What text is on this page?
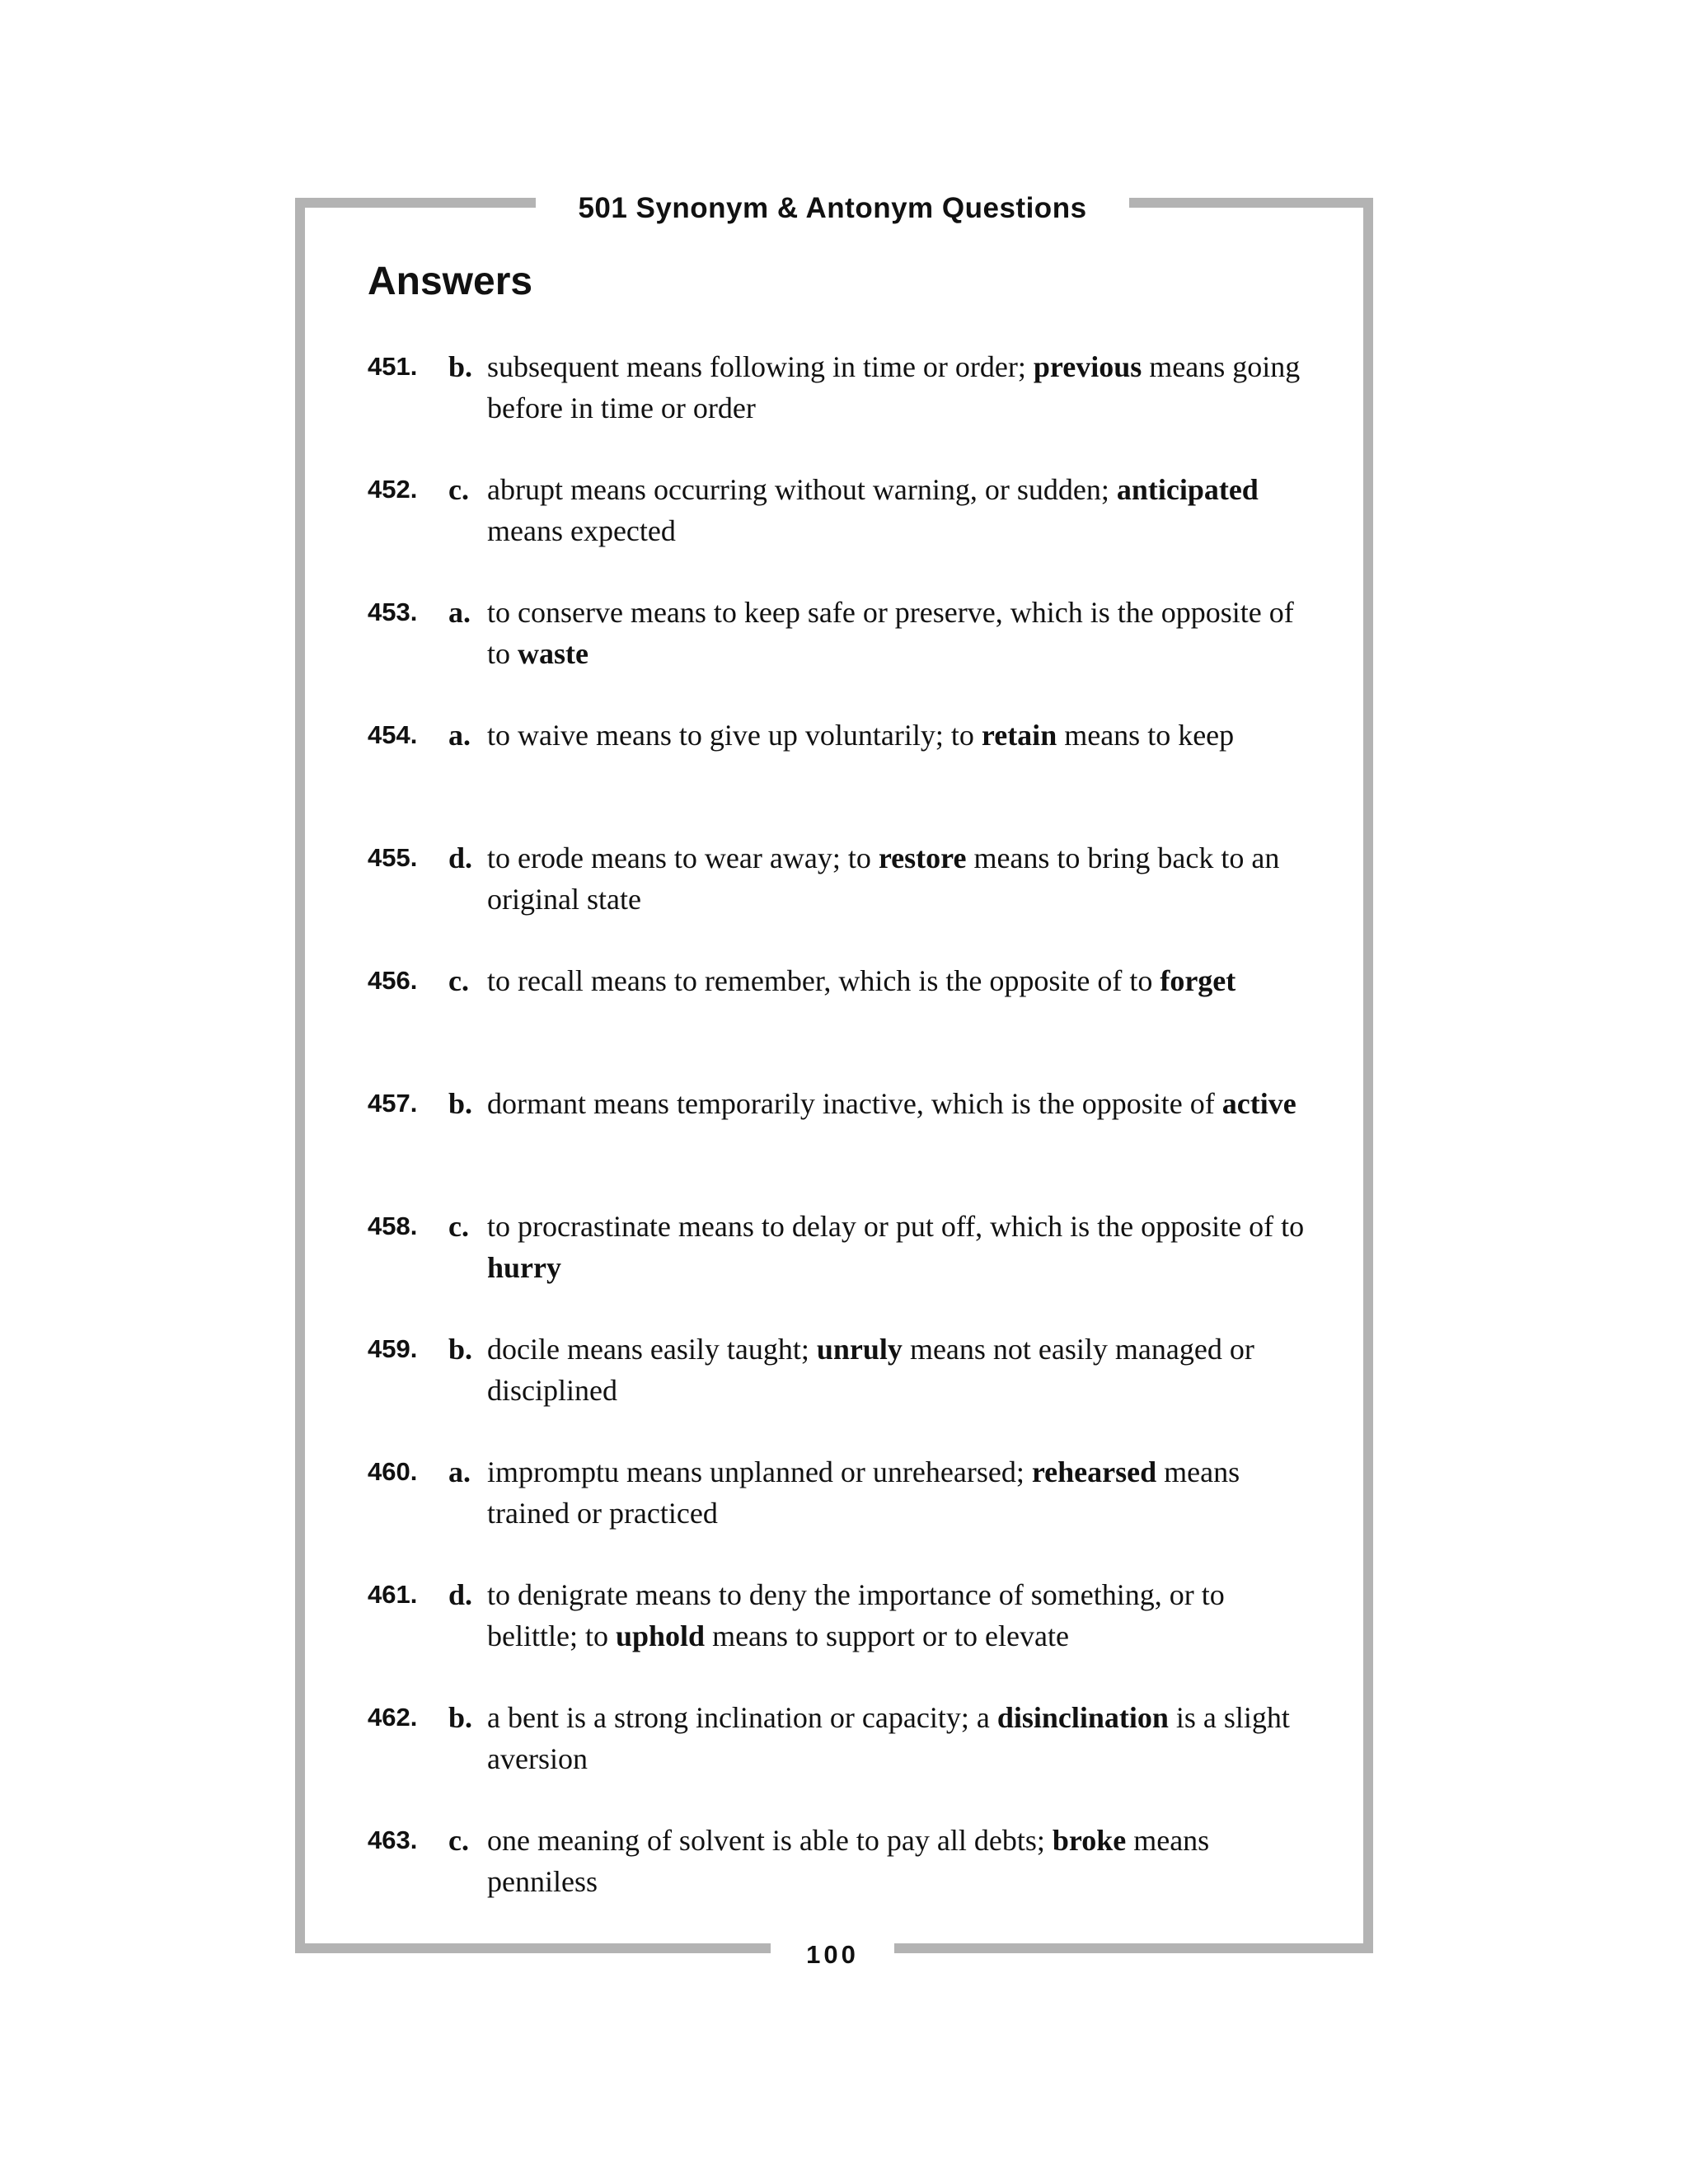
501 Synonym & Antonym Questions
Answers
451. b. subsequent means following in time or order; previous means going before in time or order
452. c. abrupt means occurring without warning, or sudden; anticipated means expected
453. a. to conserve means to keep safe or preserve, which is the opposite of to waste
454. a. to waive means to give up voluntarily; to retain means to keep
455. d. to erode means to wear away; to restore means to bring back to an original state
456. c. to recall means to remember, which is the opposite of to forget
457. b. dormant means temporarily inactive, which is the opposite of active
458. c. to procrastinate means to delay or put off, which is the opposite of to hurry
459. b. docile means easily taught; unruly means not easily managed or disciplined
460. a. impromptu means unplanned or unrehearsed; rehearsed means trained or practiced
461. d. to denigrate means to deny the importance of something, or to belittle; to uphold means to support or to elevate
462. b. a bent is a strong inclination or capacity; a disinclination is a slight aversion
463. c. one meaning of solvent is able to pay all debts; broke means penniless
100
